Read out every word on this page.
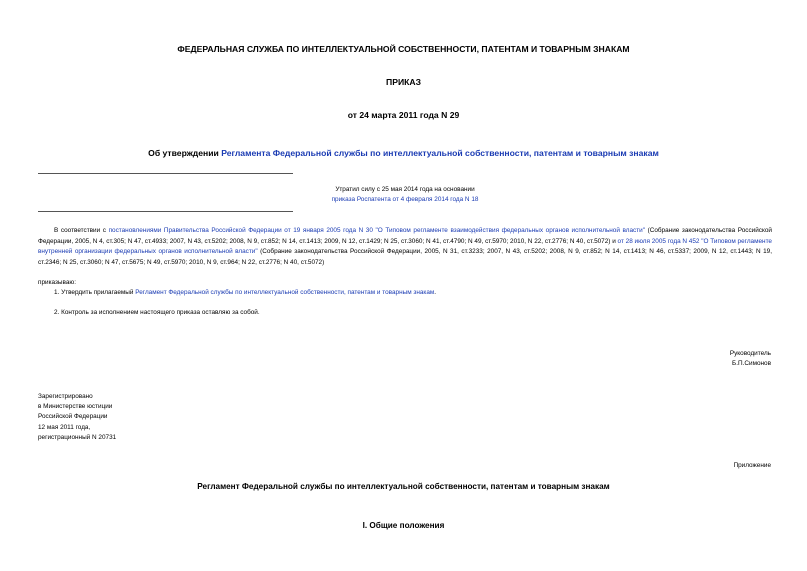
ФЕДЕРАЛЬНАЯ СЛУЖБА ПО ИНТЕЛЛЕКТУАЛЬНОЙ СОБСТВЕННОСТИ, ПАТЕНТАМ И ТОВАРНЫМ ЗНАКАМ
ПРИКАЗ
от 24 марта 2011 года N 29
Об утверждении Регламента Федеральной службы по интеллектуальной собственности, патентам и товарным знакам
Утратил силу с 25 мая 2014 года на основании
приказа Роспатента от 4 февраля 2014 года N 18
В соответствии с постановлениями Правительства Российской Федерации от 19 января 2005 года N 30 "О Типовом регламенте взаимодействия федеральных органов исполнительной власти" (Собрание законодательства Российской Федерации, 2005, N 4, ст.305; N 47, ст.4933; 2007, N 43, ст.5202; 2008, N 9, ст.852; N 14, ст.1413; 2009, N 12, ст.1429; N 25, ст.3060; N 41, ст.4790; N 49, ст.5970; 2010, N 22, ст.2776; N 40, ст.5072) и от 28 июля 2005 года N 452 "О Типовом регламенте внутренней организации федеральных органов исполнительной власти" (Собрание законодательства Российской Федерации, 2005, N 31, ст.3233; 2007, N 43, ст.5202; 2008, N 9, ст.852; N 14, ст.1413; N 46, ст.5337; 2009, N 12, ст.1443; N 19, ст.2346; N 25, ст.3060; N 47, ст.5675; N 49, ст.5970; 2010, N 9, ст.964; N 22, ст.2776; N 40, ст.5072)
приказываю:
1. Утвердить прилагаемый Регламент Федеральной службы по интеллектуальной собственности, патентам и товарным знакам.
2. Контроль за исполнением настоящего приказа оставляю за собой.
Руководитель
Б.П.Симонов
Зарегистрировано
в Министерстве юстиции
Российской Федерации
12 мая 2011 года,
регистрационный N 20731
Приложение
Регламент Федеральной службы по интеллектуальной собственности, патентам и товарным знакам
I. Общие положения
